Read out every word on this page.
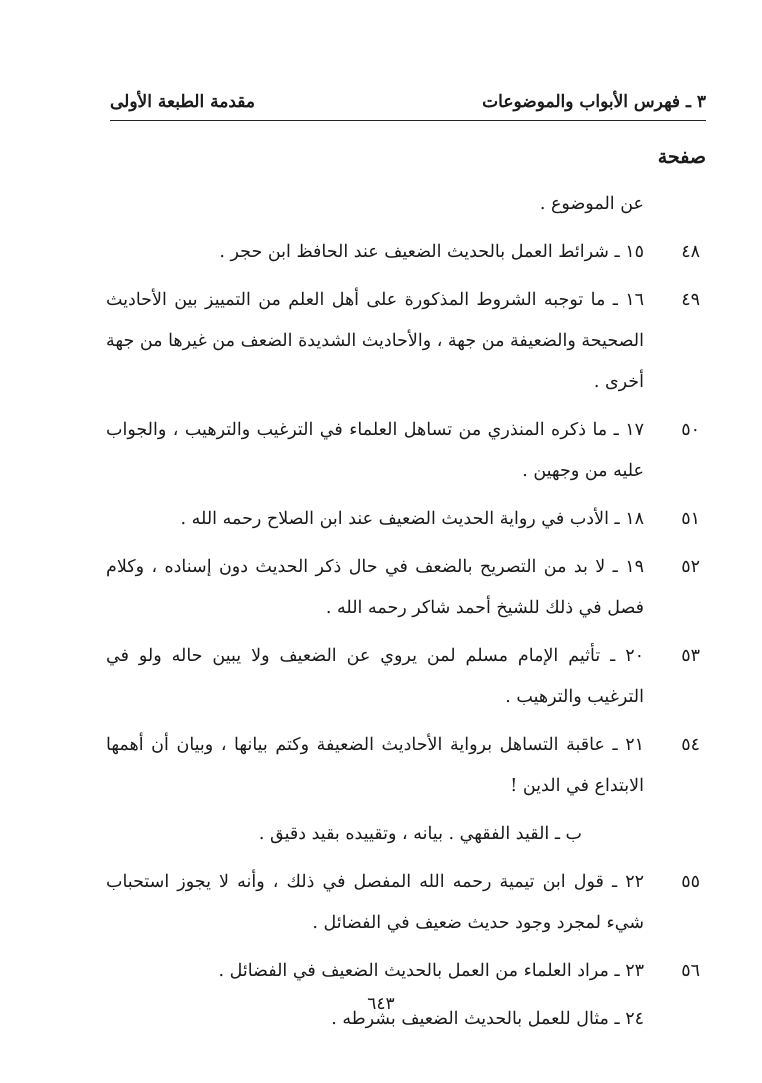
٣ ـ فهرس الأبواب والموضوعات
مقدمة الطبعة الأولى
صفحة
عن الموضوع .
٤٨
١٥ ـ شرائط العمل بالحديث الضعيف عند الحافظ ابن حجر .
٤٩
١٦ ـ ما توجبه الشروط المذكورة على أهل العلم من التمييز بين الأحاديث الصحيحة والضعيفة من جهة ، والأحاديث الشديدة الضعف من غيرها من جهة أخرى .
٥٠
١٧ ـ ما ذكره المنذري من تساهل العلماء في الترغيب والترهيب ، والجواب عليه من وجهين .
٥١
١٨ ـ الأدب في رواية الحديث الضعيف عند ابن الصلاح رحمه الله .
٥٢
١٩ ـ لا بد من التصريح بالضعف في حال ذكر الحديث دون إسناده ، وكلام فصل في ذلك للشيخ أحمد شاكر رحمه الله .
٥٣
٢٠ ـ تأثيم الإمام مسلم لمن يروي عن الضعيف ولا يبين حاله ولو في الترغيب والترهيب .
٥٤
٢١ ـ عاقبة التساهل برواية الأحاديث الضعيفة وكتم بيانها ، وبيان أن أهمها الابتداع في الدين !
ب ـ القيد الفقهي . بيانه ، وتقييده بقيد دقيق .
٥٥
٢٢ ـ قول ابن تيمية رحمه الله المفصل في ذلك ، وأنه لا يجوز استحباب شيء لمجرد وجود حديث ضعيف في الفضائل .
٥٦
٢٣ ـ مراد العلماء من العمل بالحديث الضعيف في الفضائل .
٢٤ ـ مثال للعمل بالحديث الضعيف بشرطه .
٦٤٣
